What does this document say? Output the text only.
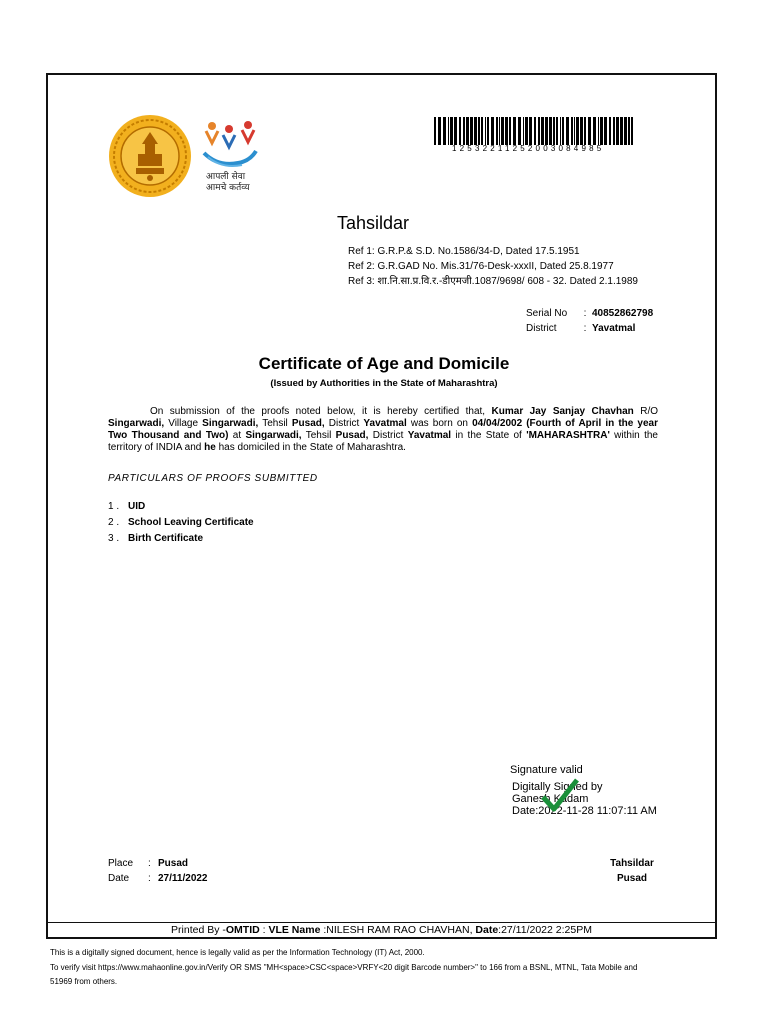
आपली सेवा
आमचे कर्तव्य
12532211252003084985
Tahsildar
Ref 1: G.R.P.& S.D. No.1586/34-D, Dated 17.5.1951
Ref 2: G.R.GAD No. Mis.31/76-Desk-xxxII, Dated 25.8.1977
Ref 3: शा.नि.सा.प्र.वि.र.-डीएमजी.1087/9698/ 608 - 32. Dated 2.1.1989
Serial No	: 40852862798
District	: Yavatmal
Certificate of Age and Domicile
(Issued by Authorities in the State of Maharashtra)
On submission of the proofs noted below, it is hereby certified that, Kumar Jay Sanjay Chavhan R/O Singarwadi, Village Singarwadi, Tehsil Pusad, District Yavatmal was born on 04/04/2002 (Fourth of April in the year Two Thousand and Two) at Singarwadi, Tehsil Pusad, District Yavatmal in the State of 'MAHARASHTRA' within the territory of INDIA and he has domiciled in the State of Maharashtra.
PARTICULARS OF PROOFS SUBMITTED
1 . UID
2 . School Leaving Certificate
3 . Birth Certificate
Signature valid
Digitally Signed by
Ganesh Kadam
Date:2022-11-28 11:07:11 AM
Place	: Pusad
Date	: 27/11/2022
Tahsildar
Pusad
Printed By -OMTID : VLE Name :NILESH RAM RAO CHAVHAN, Date:27/11/2022 2:25PM
This is a digitally signed document, hence is legally valid as per the Information Technology (IT) Act, 2000.
To verify visit https://www.mahaonline.gov.in/Verify OR SMS "MH<space>CSC<space>VRFY<20 digit Barcode number>" to 166 from a BSNL, MTNL, Tata Mobile and
51969 from others.
